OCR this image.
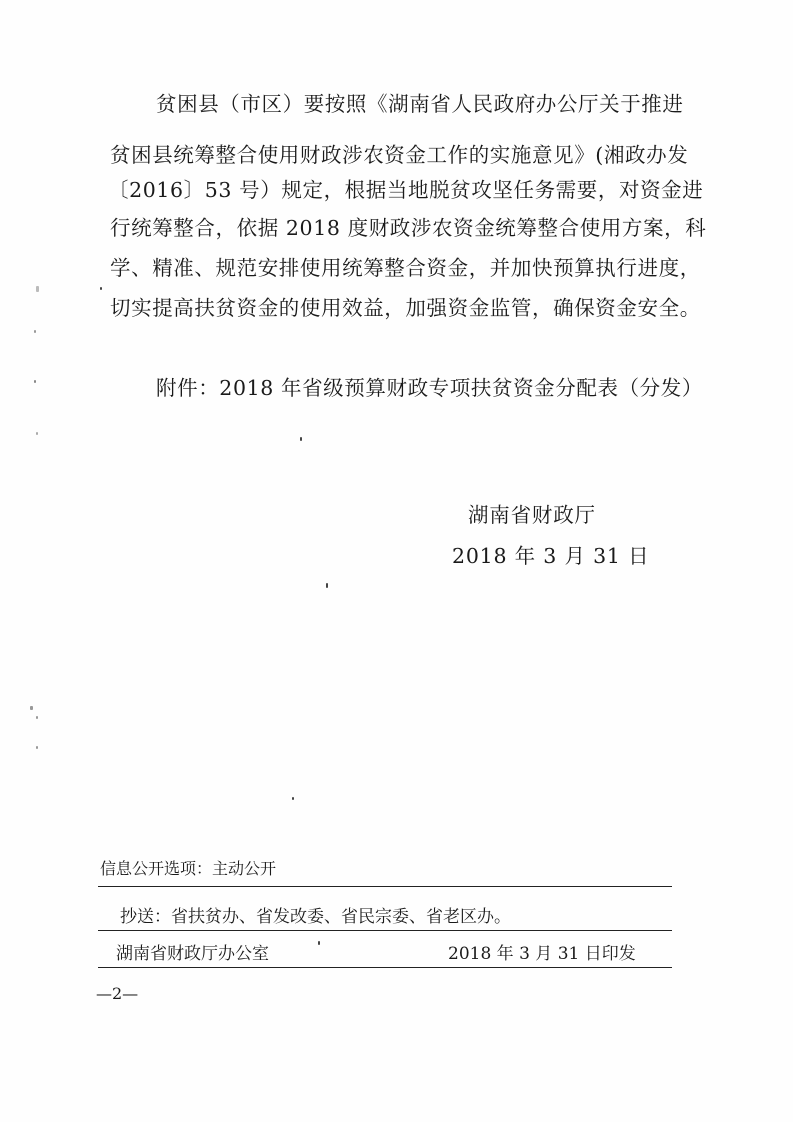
贫困县（市区）要按照《湖南省人民政府办公厅关于推进
贫困县统筹整合使用财政涉农资金工作的实施意见》(湘政办发
〔2016〕53 号）规定，根据当地脱贫攻坚任务需要，对资金进
行统筹整合，依据 2018 度财政涉农资金统筹整合使用方案，科
学、精准、规范安排使用统筹整合资金，并加快预算执行进度，
切实提高扶贫资金的使用效益，加强资金监管，确保资金安全。
附件：2018 年省级预算财政专项扶贫资金分配表（分发）
湖南省财政厅
2018 年 3 月 31 日
信息公开选项：主动公开
抄送：省扶贫办、省发改委、省民宗委、省老区办。
湖南省财政厅办公室	2018 年 3 月 31 日印发
—2—
